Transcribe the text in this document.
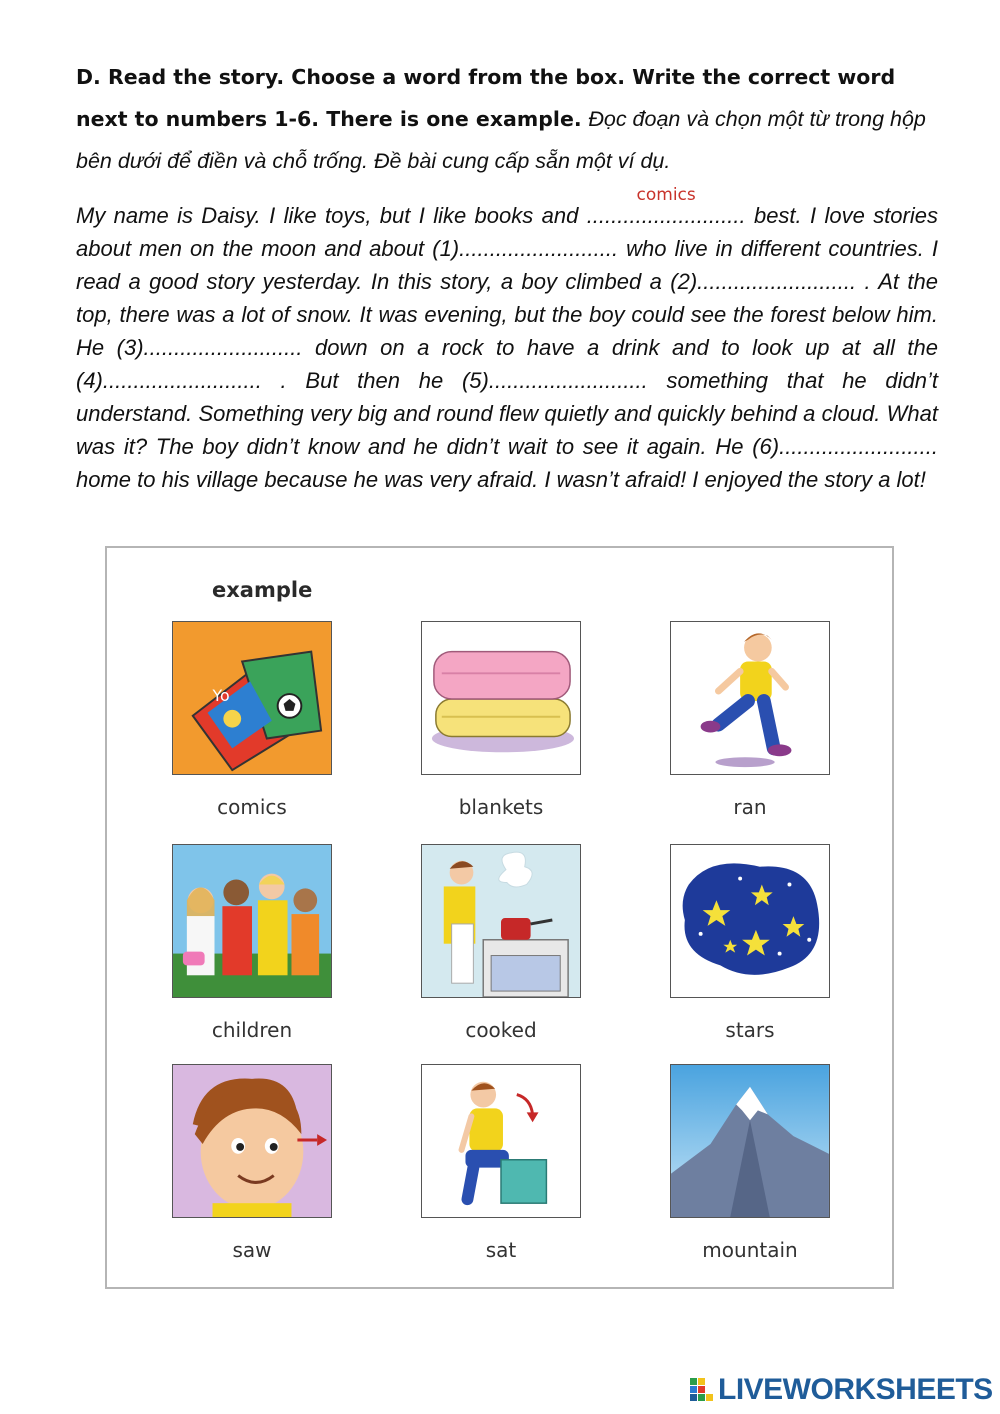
D. Read the story. Choose a word from the box. Write the correct word next to numbers 1-6. There is one example. Đọc đoạn và chọn một từ trong hộp bên dưới để điền và chỗ trống. Đề bài cung cấp sẵn một ví dụ.
My name is Daisy. I like toys, but I like books and ..........................
comics
best. I love stories about men on the moon and about (1).......................... who live in different countries. I read a good story yesterday. In this story, a boy climbed a (2).......................... . At the top, there was a lot of snow. It was evening, but the boy could see the forest below him. He (3).......................... down on a rock to have a drink and to look up at all the (4).......................... . But then he (5).......................... something that he didn’t understand. Something very big and round flew quietly and quickly behind a cloud. What was it? The boy didn’t know and he didn’t wait to see it again. He (6).......................... home to his village because he was very afraid. I wasn’t afraid! I enjoyed the story a lot!
example
Yo
comics	blankets	ran
children	cooked	stars
saw	sat	mountain
LIVEWORKSHEETS
